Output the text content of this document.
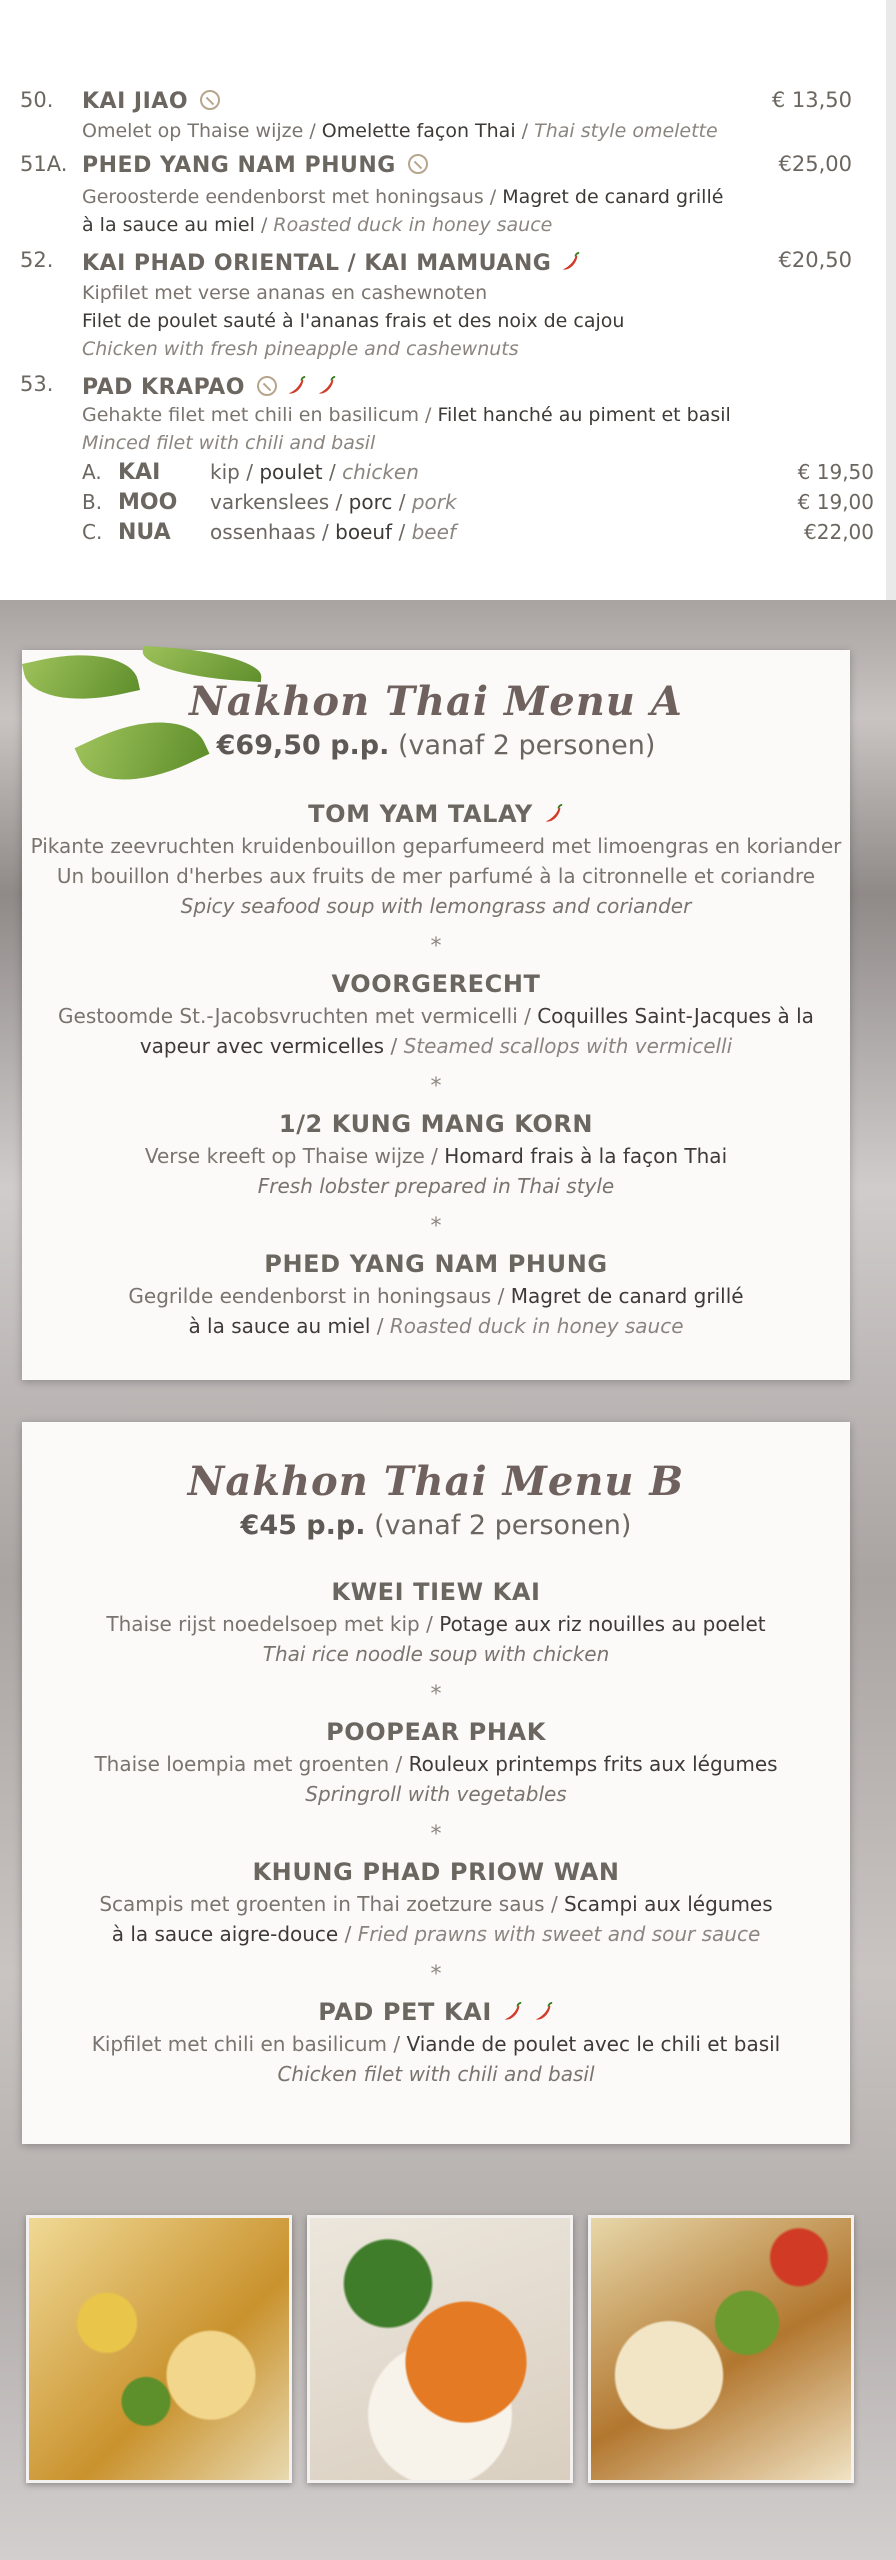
50. KAI JIAO	€ 13,50
Omelet op Thaise wijze / Omelette façon Thai / Thai style omelette
51A. PHED YANG NAM PHUNG	€25,00
Geroosterde eendenborst met honingsaus / Magret de canard grillé
à la sauce au miel / Roasted duck in honey sauce
52. KAI PHAD ORIENTAL / KAI MAMUANG	€20,50
Kipfilet met verse ananas en cashewnoten
Filet de poulet sauté à l'ananas frais et des noix de cajou
Chicken with fresh pineapple and cashewnuts
53. PAD KRAPAO
Gehakte filet met chili en basilicum / Filet hanché au piment et basil
Minced filet with chili and basil
A. KAI kip / poulet / chicken	€ 19,50
B. MOO varkenslees / porc / pork	€ 19,00
C. NUA ossenhaas / boeuf / beef	€22,00
Nakhon Thai Menu A
€69,50 p.p. (vanaf 2 personen)
TOM YAM TALAY
Pikante zeevruchten kruidenbouillon geparfumeerd met limoengras en koriander
Un bouillon d'herbes aux fruits de mer parfumé à la citronnelle et coriandre
Spicy seafood soup with lemongrass and coriander
*
VOORGERECHT
Gestoomde St.-Jacobsvruchten met vermicelli / Coquilles Saint-Jacques à la
vapeur avec vermicelles / Steamed scallops with vermicelli
*
1/2 KUNG MANG KORN
Verse kreeft op Thaise wijze / Homard frais à la façon Thai
Fresh lobster prepared in Thai style
*
PHED YANG NAM PHUNG
Gegrilde eendenborst in honingsaus / Magret de canard grillé
à la sauce au miel / Roasted duck in honey sauce
Nakhon Thai Menu B
€45 p.p. (vanaf 2 personen)
KWEI TIEW KAI
Thaise rijst noedelsoep met kip / Potage aux riz nouilles au poelet
Thai rice noodle soup with chicken
*
POOPEAR PHAK
Thaise loempia met groenten / Rouleux printemps frits aux légumes
Springroll with vegetables
*
KHUNG PHAD PRIOW WAN
Scampis met groenten in Thai zoetzure saus / Scampi aux légumes
à la sauce aigre-douce / Fried prawns with sweet and sour sauce
*
PAD PET KAI
Kipfilet met chili en basilicum / Viande de poulet avec le chili et basil
Chicken filet with chili and basil
